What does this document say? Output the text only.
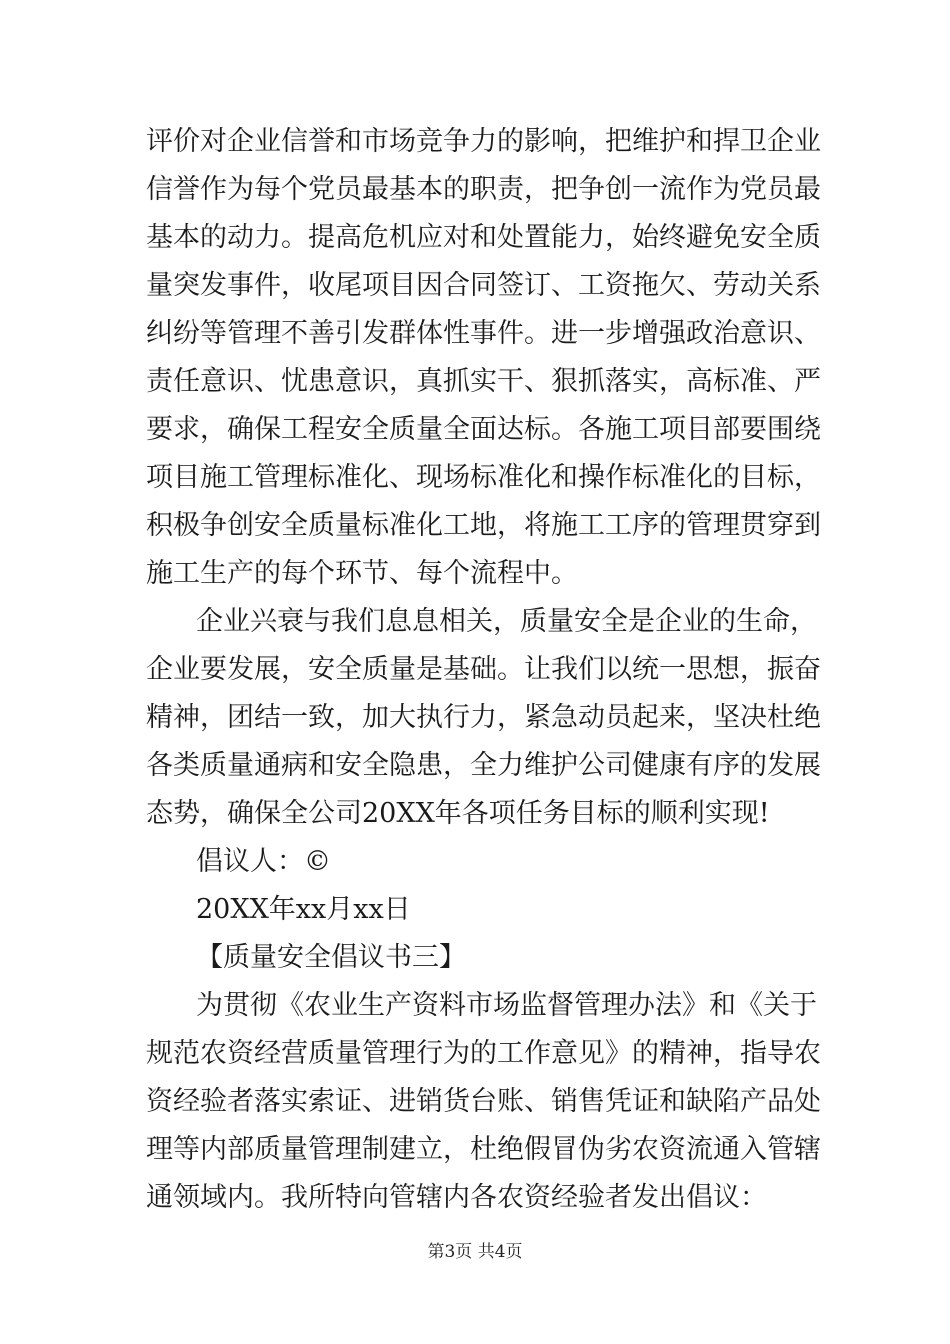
评价对企业信誉和市场竞争力的影响，把维护和捍卫企业
信誉作为每个党员最基本的职责，把争创一流作为党员最
基本的动力。提高危机应对和处置能力，始终避免安全质
量突发事件，收尾项目因合同签订、工资拖欠、劳动关系
纠纷等管理不善引发群体性事件。进一步增强政治意识、
责任意识、忧患意识，真抓实干、狠抓落实，高标准、严
要求，确保工程安全质量全面达标。各施工项目部要围绕
项目施工管理标准化、现场标准化和操作标准化的目标，
积极争创安全质量标准化工地，将施工工序的管理贯穿到
施工生产的每个环节、每个流程中。
企业兴衰与我们息息相关，质量安全是企业的生命，
企业要发展，安全质量是基础。让我们以统一思想，振奋
精神，团结一致，加大执行力，紧急动员起来，坚决杜绝
各类质量通病和安全隐患，全力维护公司健康有序的发展
态势，确保全公司20XX年各项任务目标的顺利实现!
倡议人：©
20XX年xx月xx日
【质量安全倡议书三】
为贯彻《农业生产资料市场监督管理办法》和《关于
规范农资经营质量管理行为的工作意见》的精神，指导农
资经验者落实索证、进销货台账、销售凭证和缺陷产品处
理等内部质量管理制建立，杜绝假冒伪劣农资流通入管辖
通领域内。我所特向管辖内各农资经验者发出倡议：
第3页 共4页
